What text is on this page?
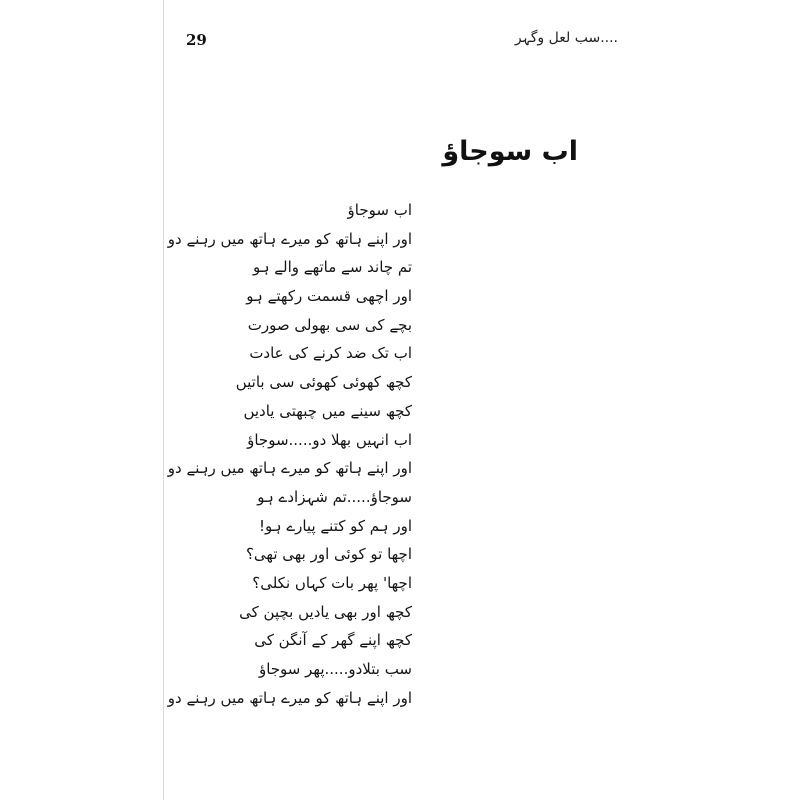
29	....سب لعل وگہر
اب سوجاؤ
اب سوجاؤ
اور اپنے ہاتھ کو میرے ہاتھ میں رہنے دو
تم چاند سے ماتھے والے ہو
اور اچھی قسمت رکھتے ہو
بچے کی سی بھولی صورت
اب تک ضد کرنے کی عادت
کچھ کھوئی کھوئی سی باتیں
کچھ سینے میں چبھتی یادیں
اب انہیں بھلا دو.....سوجاؤ
اور اپنے ہاتھ کو میرے ہاتھ میں رہنے دو
سوجاؤ.....تم شہزادے ہو
اور ہم کو کتنے پیارے ہو!
اچھا تو کوئی اور بھی تھی؟
اچھا' پھر بات کہاں نکلی؟
کچھ اور بھی یادیں بچپن کی
کچھ اپنے گھر کے آنگن کی
سب بتلادو.....پھر سوجاؤ
اور اپنے ہاتھ کو میرے ہاتھ میں رہنے دو
